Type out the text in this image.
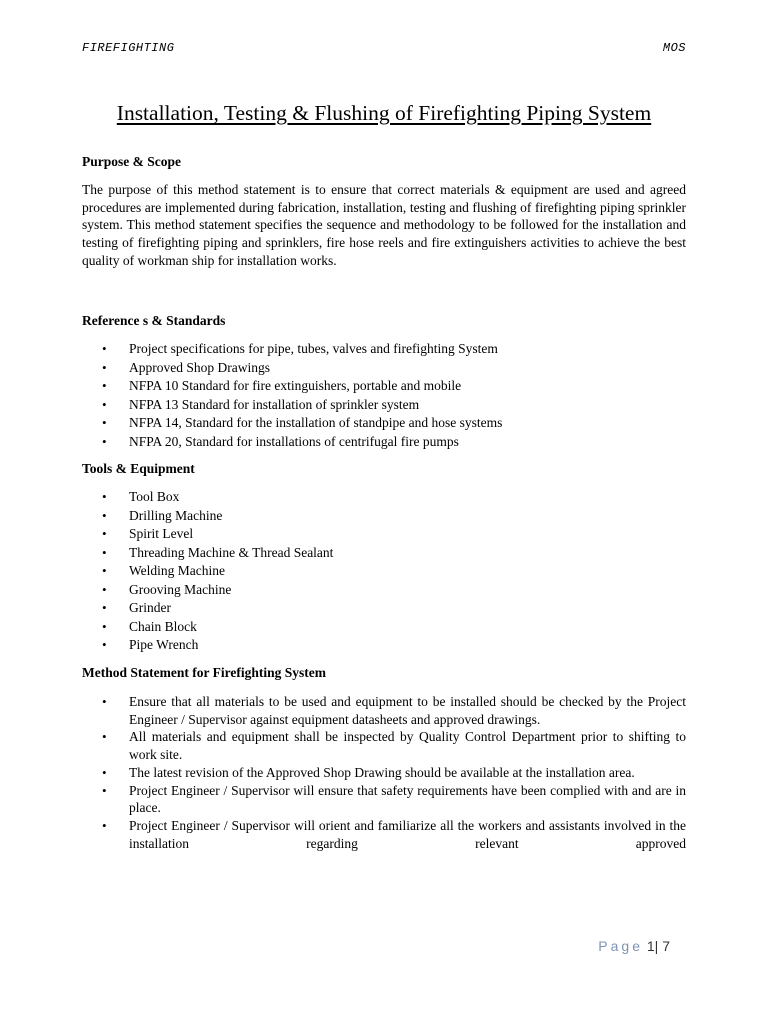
FIREFIGHTING	MOS
Installation, Testing & Flushing of Firefighting Piping System
Purpose & Scope

The purpose of this method statement is to ensure that correct materials & equipment are used and agreed procedures are implemented during fabrication, installation, testing and flushing of firefighting piping sprinkler system. This method statement specifies the sequence and methodology to be followed for the installation and testing of firefighting piping and sprinklers, fire hose reels and fire extinguishers activities to achieve the best quality of workman ship for installation works.

Reference s & Standards
• Project specifications for pipe, tubes, valves and firefighting System
• Approved Shop Drawings
• NFPA 10 Standard for fire extinguishers, portable and mobile
• NFPA 13 Standard for installation of sprinkler system
• NFPA 14, Standard for the installation of standpipe and hose systems
• NFPA 20, Standard for installations of centrifugal fire pumps
Tools & Equipment
• Tool Box
• Drilling Machine
• Spirit Level
• Threading Machine & Thread Sealant
• Welding Machine
• Grooving Machine
• Grinder
• Chain Block
• Pipe Wrench
Method Statement for Firefighting System
• Ensure that all materials to be used and equipment to be installed should be checked by the Project Engineer / Supervisor against equipment datasheets and approved drawings.
• All materials and equipment shall be inspected by Quality Control Department prior to shifting to work site.
• The latest revision of the Approved Shop Drawing should be available at the installation area.
• Project Engineer / Supervisor will ensure that safety requirements have been complied with and are in place.
• Project Engineer / Supervisor will orient and familiarize all the workers and assistants involved in the installation regarding relevant approved
Page 1| 7
